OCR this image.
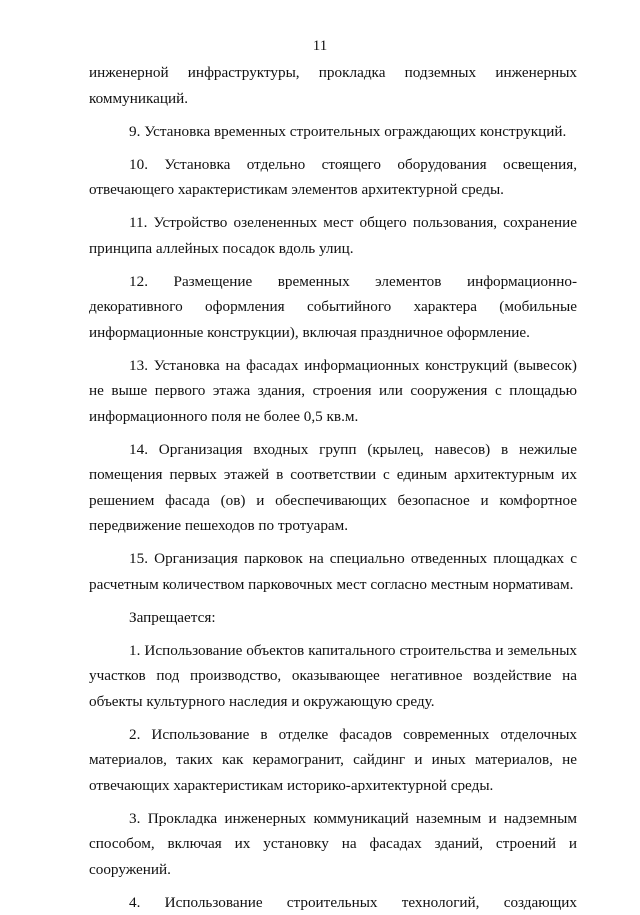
11

инженерной инфраструктуры, прокладка подземных инженерных коммуникаций.

9. Установка временных строительных ограждающих конструкций.

10. Установка отдельно стоящего оборудования освещения, отвечающего характеристикам элементов архитектурной среды.

11. Устройство озелененных мест общего пользования, сохранение принципа аллейных посадок вдоль улиц.

12. Размещение временных элементов информационно-декоративного оформления событийного характера (мобильные информационные конструкции), включая праздничное оформление.

13. Установка на фасадах информационных конструкций (вывесок) не выше первого этажа здания, строения или сооружения с площадью информационного поля не более 0,5 кв.м.

14. Организация входных групп (крылец, навесов) в нежилые помещения первых этажей в соответствии с единым архитектурным их решением фасада (ов) и обеспечивающих безопасное и комфортное передвижение пешеходов по тротуарам.

15. Организация парковок на специально отведенных площадках с расчетным количеством парковочных мест согласно местным нормативам.

Запрещается:

1. Использование объектов капитального строительства и земельных участков под производство, оказывающее негативное воздействие на объекты культурного наследия и окружающую среду.

2. Использование в отделке фасадов современных отделочных материалов, таких как керамогранит, сайдинг и иных материалов, не отвечающих характеристикам историко-архитектурной среды.

3. Прокладка инженерных коммуникаций наземным и надземным способом, включая их установку на фасадах зданий, строений и сооружений.

4. Использование строительных технологий, создающих
